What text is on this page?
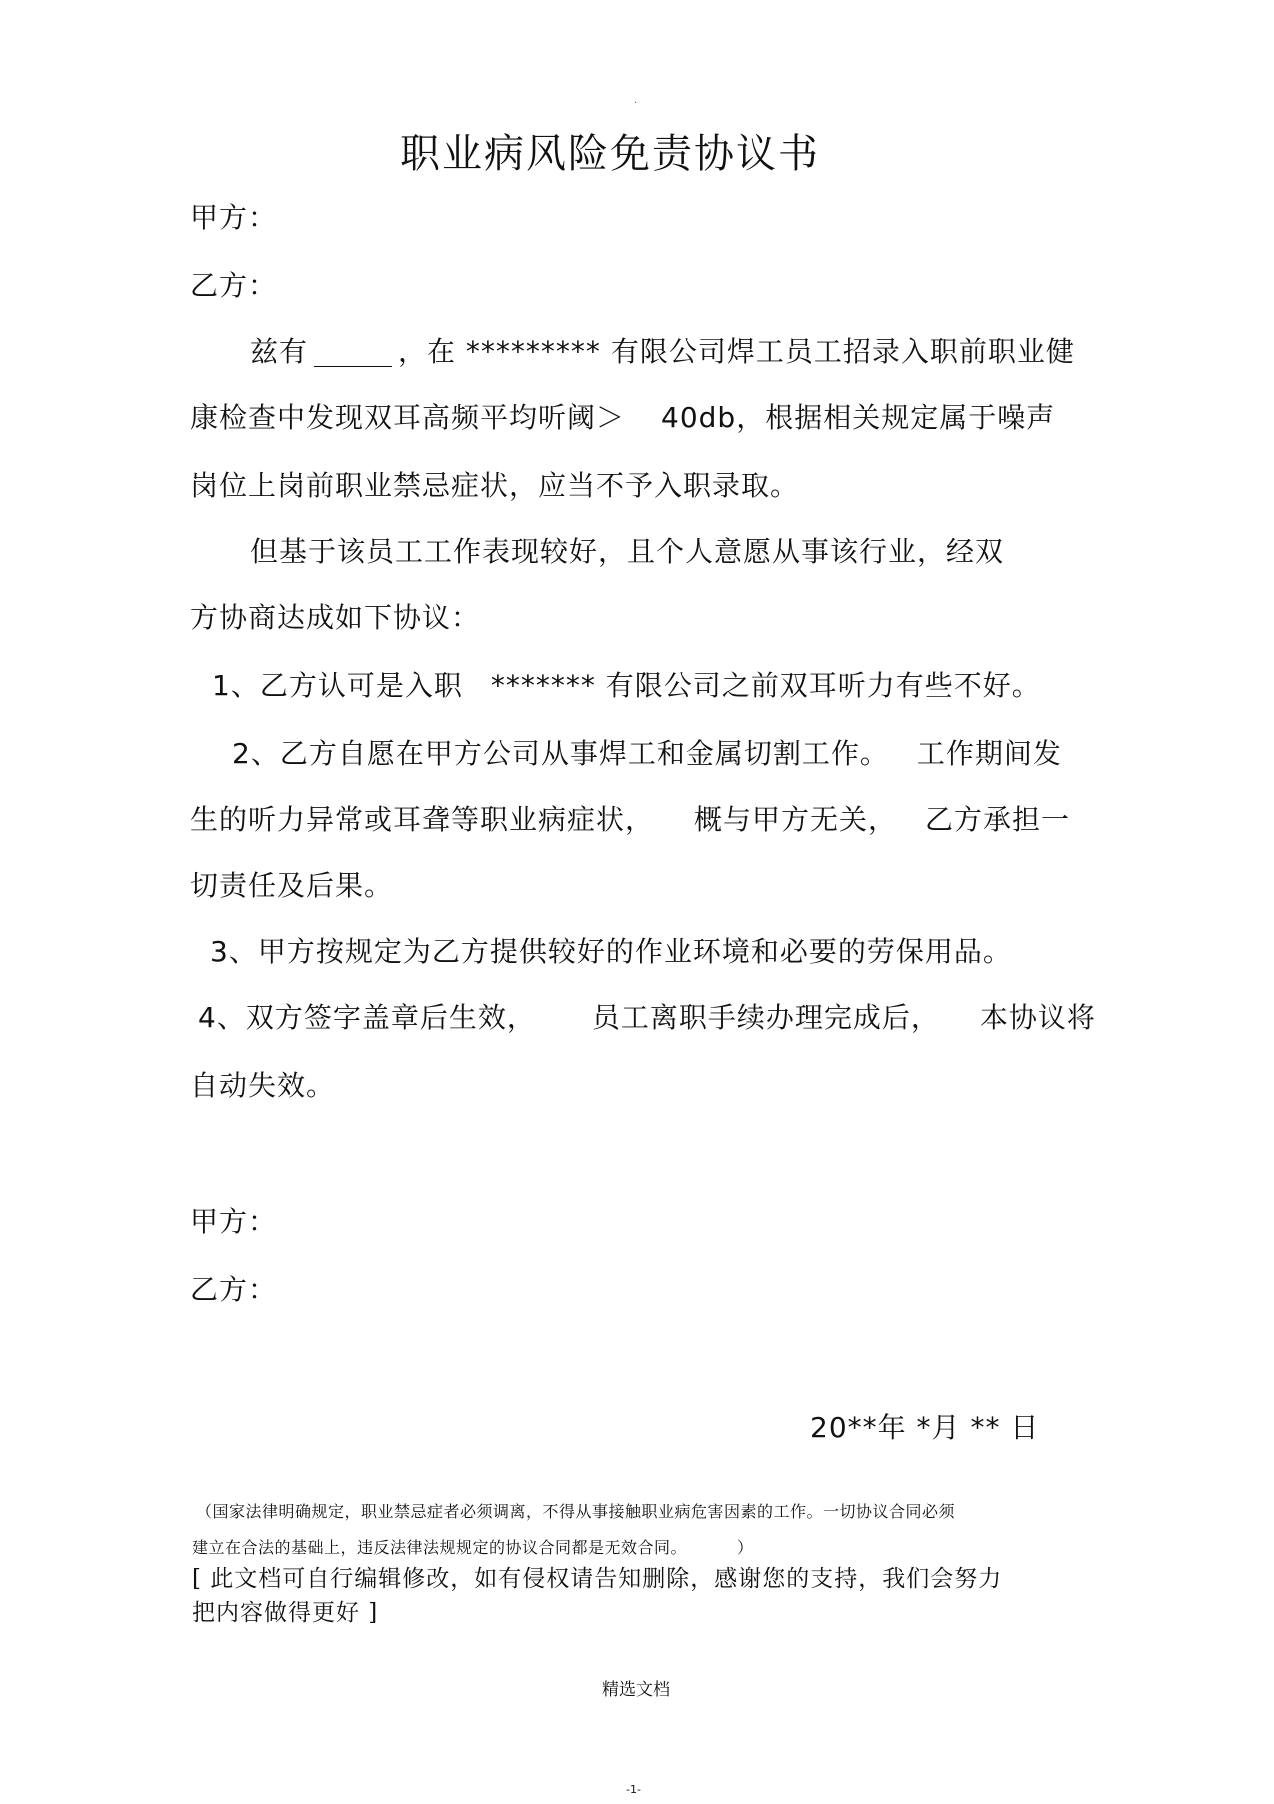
.
职业病风险免责协议书
甲方：
乙方：
兹有	，在 ********* 有限公司焊工员工招录入职前职业健
康检查中发现双耳高频平均听阈＞ 40db，根据相关规定属于噪声
岗位上岗前职业禁忌症状，应当不予入职录取。
但基于该员工工作表现较好，且个人意愿从事该行业，经双
方协商达成如下协议：
1、乙方认可是入职 ******* 有限公司之前双耳听力有些不好。
2、乙方自愿在甲方公司从事焊工和金属切割工作。 工作期间发
生的听力异常或耳聋等职业病症状， 概与甲方无关， 乙方承担一
切责任及后果。
3、甲方按规定为乙方提供较好的作业环境和必要的劳保用品。
4、双方签字盖章后生效， 员工离职手续办理完成后， 本协议将
自动失效。
甲方：
乙方：
20**年 *月 ** 日
（国家法律明确规定，职业禁忌症者必须调离，不得从事接触职业病危害因素的工作。一切协议合同必须
建立在合法的基础上，违反法律法规规定的协议合同都是无效合同。	）
[ 此文档可自行编辑修改，如有侵权请告知删除，感谢您的支持，我们会努力
把内容做得更好 ]
精选文档
-1-
